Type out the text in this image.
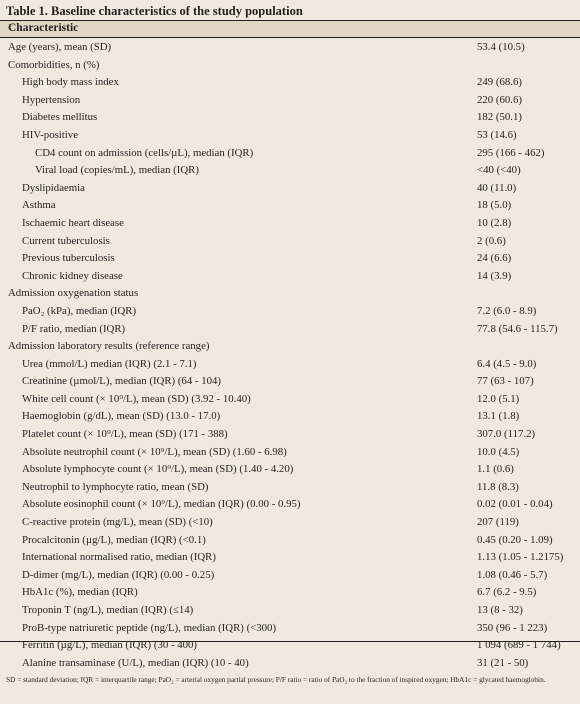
Table 1. Baseline characteristics of the study population
Characteristic
Age (years), mean (SD)	53.4 (10.5)
Comorbidities, n (%)
High body mass index	249 (68.6)
Hypertension	220 (60.6)
Diabetes mellitus	182 (50.1)
HIV-positive	53 (14.6)
CD4 count on admission (cells/µL), median (IQR)	295 (166 - 462)
Viral load (copies/mL), median (IQR)	<40 (<40)
Dyslipidaemia	40 (11.0)
Asthma	18 (5.0)
Ischaemic heart disease	10 (2.8)
Current tuberculosis	2 (0.6)
Previous tuberculosis	24 (6.6)
Chronic kidney disease	14 (3.9)
Admission oxygenation status
PaO₂ (kPa), median (IQR)	7.2 (6.0 - 8.9)
P/F ratio, median (IQR)	77.8 (54.6 - 115.7)
Admission laboratory results (reference range)
Urea (mmol/L) median (IQR) (2.1 - 7.1)	6.4 (4.5 - 9.0)
Creatinine (µmol/L), median (IQR) (64 - 104)	77 (63 - 107)
White cell count (× 10⁹/L), mean (SD) (3.92 - 10.40)	12.0 (5.1)
Haemoglobin (g/dL), mean (SD) (13.0 - 17.0)	13.1 (1.8)
Platelet count (× 10⁹/L), mean (SD) (171 - 388)	307.0 (117.2)
Absolute neutrophil count (× 10⁹/L), mean (SD) (1.60 - 6.98)	10.0 (4.5)
Absolute lymphocyte count (× 10⁹/L), mean (SD) (1.40 - 4.20)	1.1 (0.6)
Neutrophil to lymphocyte ratio, mean (SD)	11.8 (8.3)
Absolute eosinophil count (× 10⁹/L), median (IQR) (0.00 - 0.95)	0.02 (0.01 - 0.04)
C-reactive protein (mg/L), mean (SD) (<10)	207 (119)
Procalcitonin (µg/L), median (IQR) (<0.1)	0.45 (0.20 - 1.09)
International normalised ratio, median (IQR)	1.13 (1.05 - 1.2175)
D-dimer (mg/L), median (IQR) (0.00 - 0.25)	1.08 (0.46 - 5.7)
HbA1c (%), median (IQR)	6.7 (6.2 - 9.5)
Troponin T (ng/L), median (IQR) (≤14)	13 (8 - 32)
ProB-type natriuretic peptide (ng/L), median (IQR) (<300)	350 (96 - 1 223)
Ferritin (µg/L), median (IQR) (30 - 400)	1 094 (689 - 1 744)
Alanine transaminase (U/L), median (IQR) (10 - 40)	31 (21 - 50)
SD = standard deviation; IQR = interquartile range; PaO₂ = arterial oxygen partial pressure; P/F ratio = ratio of PaO₂ to the fraction of inspired oxygen; HbA1c = glycated haemoglobin.
